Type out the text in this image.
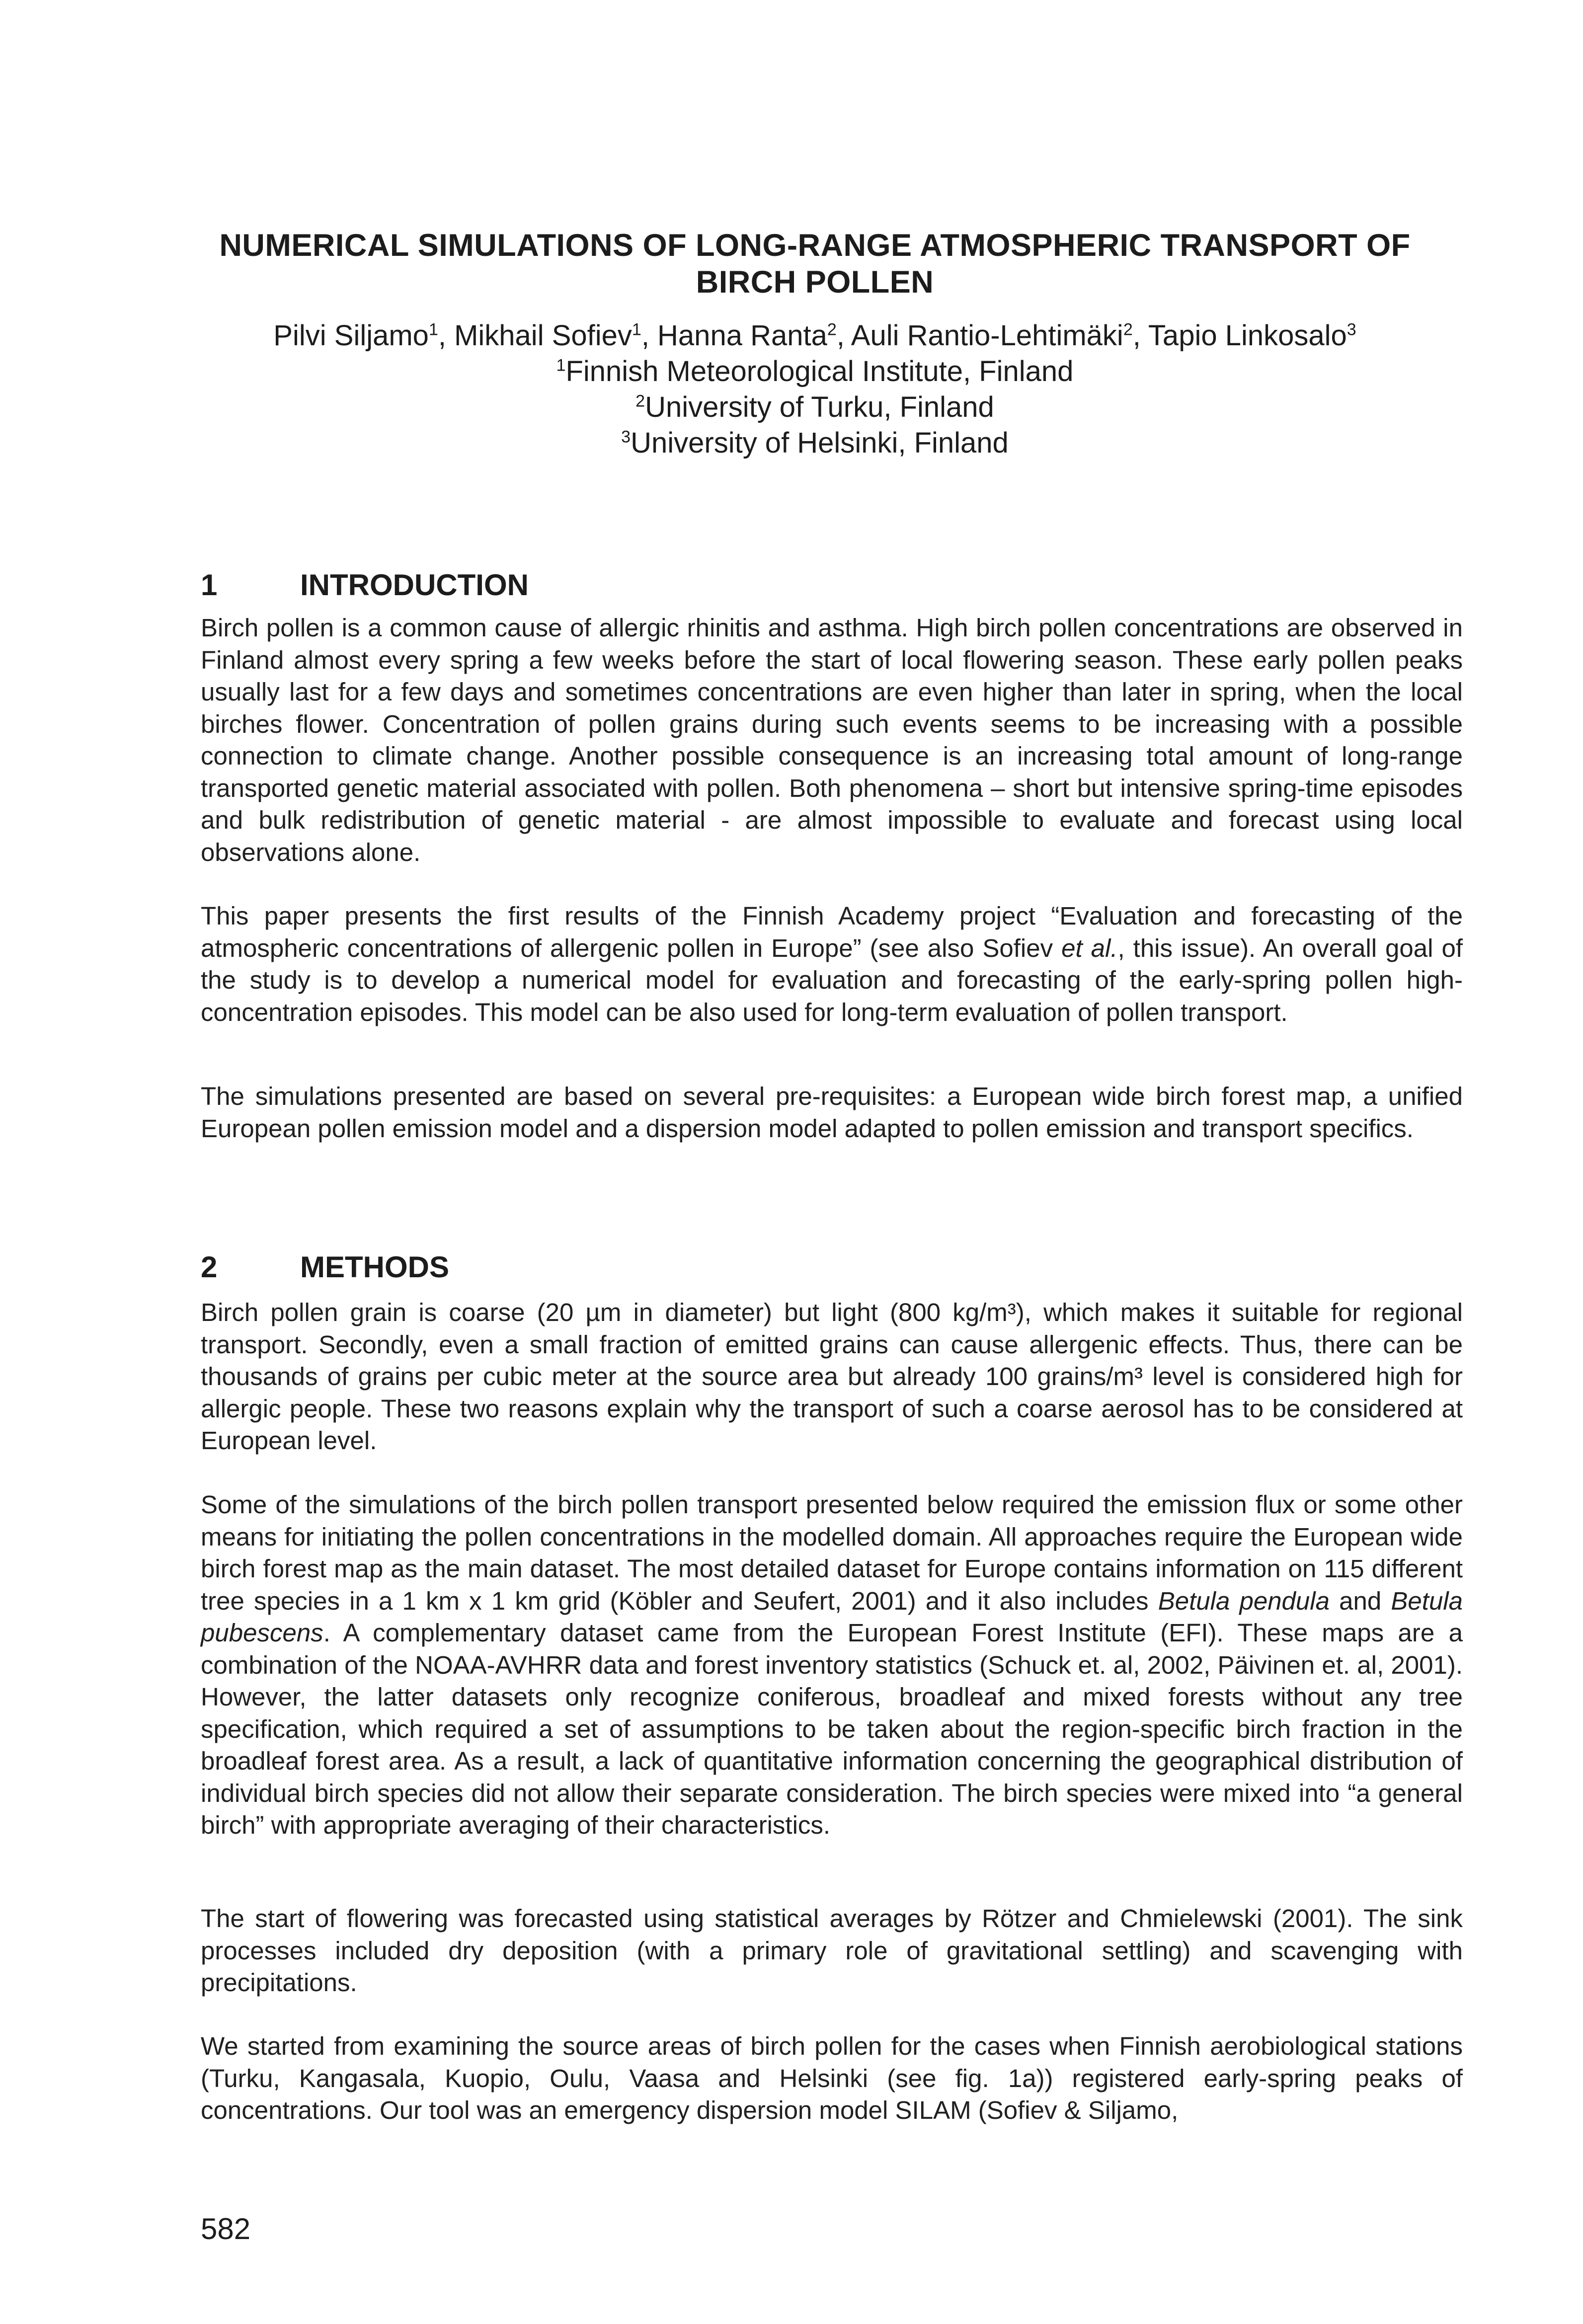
NUMERICAL SIMULATIONS OF LONG-RANGE ATMOSPHERIC TRANSPORT OF
BIRCH POLLEN
Pilvi Siljamo$^1$, Mikhail Sofiev$^1$, Hanna Ranta$^2$, Auli Rantio-Lehtimäki$^2$, Tapio Linkosalo$^3$
$^1$Finnish Meteorological Institute, Finland
$^2$University of Turku, Finland
$^3$University of Helsinki, Finland
1	INTRODUCTION

Birch pollen is a common cause of allergic rhinitis and asthma. High birch pollen concentrations are observed in Finland almost every spring a few weeks before the start of local flowering season. These early pollen peaks usually last for a few days and sometimes concentrations are even higher than later in spring, when the local birches flower. Concentration of pollen grains during such events seems to be increasing with a possible connection to climate change. Another possible consequence is an increasing total amount of long-range transported genetic material associated with pollen. Both phenomena – short but intensive spring-time episodes and bulk redistribution of genetic material - are almost impossible to evaluate and forecast using local observations alone.

This paper presents the first results of the Finnish Academy project “Evaluation and forecasting of the atmospheric concentrations of allergenic pollen in Europe” (see also Sofiev et al., this issue). An overall goal of the study is to develop a numerical model for evaluation and forecasting of the early-spring pollen high-concentration episodes. This model can be also used for long-term evaluation of pollen transport.

The simulations presented are based on several pre-requisites: a European wide birch forest map, a unified European pollen emission model and a dispersion model adapted to pollen emission and transport specifics.

2	METHODS

Birch pollen grain is coarse (20 µm in diameter) but light (800 kg/m³), which makes it suitable for regional transport. Secondly, even a small fraction of emitted grains can cause allergenic effects. Thus, there can be thousands of grains per cubic meter at the source area but already 100 grains/m³ level is considered high for allergic people. These two reasons explain why the transport of such a coarse aerosol has to be considered at European level.

Some of the simulations of the birch pollen transport presented below required the emission flux or some other means for initiating the pollen concentrations in the modelled domain. All approaches require the European wide birch forest map as the main dataset. The most detailed dataset for Europe contains information on 115 different tree species in a 1 km x 1 km grid (Köbler and Seufert, 2001) and it also includes Betula pendula and Betula pubescens. A complementary dataset came from the European Forest Institute (EFI). These maps are a combination of the NOAA-AVHRR data and forest inventory statistics (Schuck et. al, 2002, Päivinen et. al, 2001). However, the latter datasets only recognize coniferous, broadleaf and mixed forests without any tree specification, which required a set of assumptions to be taken about the region-specific birch fraction in the broadleaf forest area. As a result, a lack of quantitative information concerning the geographical distribution of individual birch species did not allow their separate consideration. The birch species were mixed into “a general birch” with appropriate averaging of their characteristics.

The start of flowering was forecasted using statistical averages by Rötzer and Chmielewski (2001). The sink processes included dry deposition (with a primary role of gravitational settling) and scavenging with precipitations.

We started from examining the source areas of birch pollen for the cases when Finnish aerobiological stations (Turku, Kangasala, Kuopio, Oulu, Vaasa and Helsinki (see fig. 1a)) registered early-spring peaks of concentrations. Our tool was an emergency dispersion model SILAM (Sofiev & Siljamo,

582
